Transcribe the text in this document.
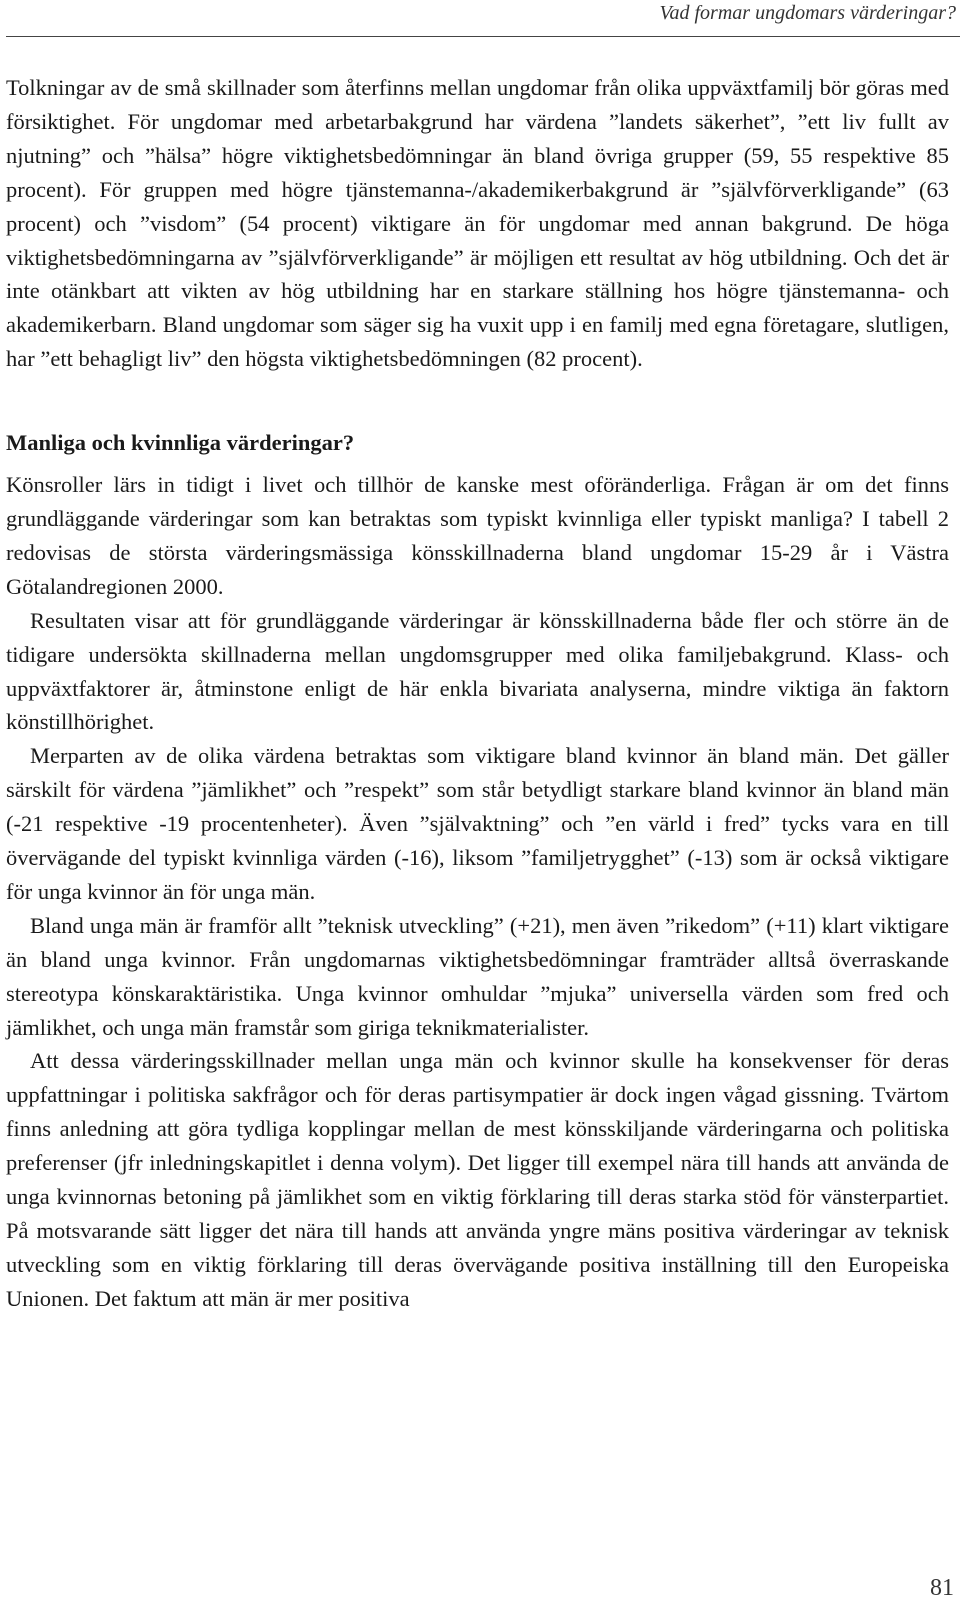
Vad formar ungdomars värderingar?

Tolkningar av de små skillnader som återfinns mellan ungdomar från olika uppväxtfamilj bör göras med försiktighet. För ungdomar med arbetarbakgrund har värdena ”landets säkerhet”, ”ett liv fullt av njutning” och ”hälsa” högre viktighetsbedömningar än bland övriga grupper (59, 55 respektive 85 procent). För gruppen med högre tjänstemanna-/akademikerbakgrund är ”självförverkligande” (63 procent) och ”visdom” (54 procent) viktigare än för ungdomar med annan bakgrund. De höga viktighetsbedömningarna av ”självförverkligande” är möjligen ett resultat av hög utbildning. Och det är inte otänkbart att vikten av hög utbildning har en starkare ställning hos högre tjänstemanna- och akademikerbarn. Bland ungdomar som säger sig ha vuxit upp i en familj med egna företagare, slutligen, har ”ett behagligt liv” den högsta viktighetsbedömningen (82 procent).

Manliga och kvinnliga värderingar?

Könsroller lärs in tidigt i livet och tillhör de kanske mest oföränderliga. Frågan är om det finns grundläggande värderingar som kan betraktas som typiskt kvinnliga eller typiskt manliga? I tabell 2 redovisas de största värderingsmässiga könsskillnaderna bland ungdomar 15-29 år i Västra Götalandregionen 2000.

Resultaten visar att för grundläggande värderingar är könsskillnaderna både fler och större än de tidigare undersökta skillnaderna mellan ungdomsgrupper med olika familjebakgrund. Klass- och uppväxtfaktorer är, åtminstone enligt de här enkla bivariata analyserna, mindre viktiga än faktorn könstillhörighet.

Merparten av de olika värdena betraktas som viktigare bland kvinnor än bland män. Det gäller särskilt för värdena ”jämlikhet” och ”respekt” som står betydligt starkare bland kvinnor än bland män (-21 respektive -19 procentenheter). Även ”självaktning” och ”en värld i fred” tycks vara en till övervägande del typiskt kvinnliga värden (-16), liksom ”familjetrygghet” (-13) som är också viktigare för unga kvinnor än för unga män.

Bland unga män är framför allt ”teknisk utveckling” (+21), men även ”rikedom” (+11) klart viktigare än bland unga kvinnor. Från ungdomarnas viktighetsbedömningar framträder alltså överraskande stereotypa könskaraktäristika. Unga kvinnor omhuldar ”mjuka” universella värden som fred och jämlikhet, och unga män framstår som giriga teknikmaterialister.

Att dessa värderingsskillnader mellan unga män och kvinnor skulle ha konsekvenser för deras uppfattningar i politiska sakfrågor och för deras partisympatier är dock ingen vågad gissning. Tvärtom finns anledning att göra tydliga kopplingar mellan de mest könsskiljande värderingarna och politiska preferenser (jfr inledningskapitlet i denna volym). Det ligger till exempel nära till hands att använda de unga kvinnornas betoning på jämlikhet som en viktig förklaring till deras starka stöd för vänsterpartiet. På motsvarande sätt ligger det nära till hands att använda yngre mäns positiva värderingar av teknisk utveckling som en viktig förklaring till deras övervägande positiva inställning till den Europeiska Unionen. Det faktum att män är mer positiva

81
